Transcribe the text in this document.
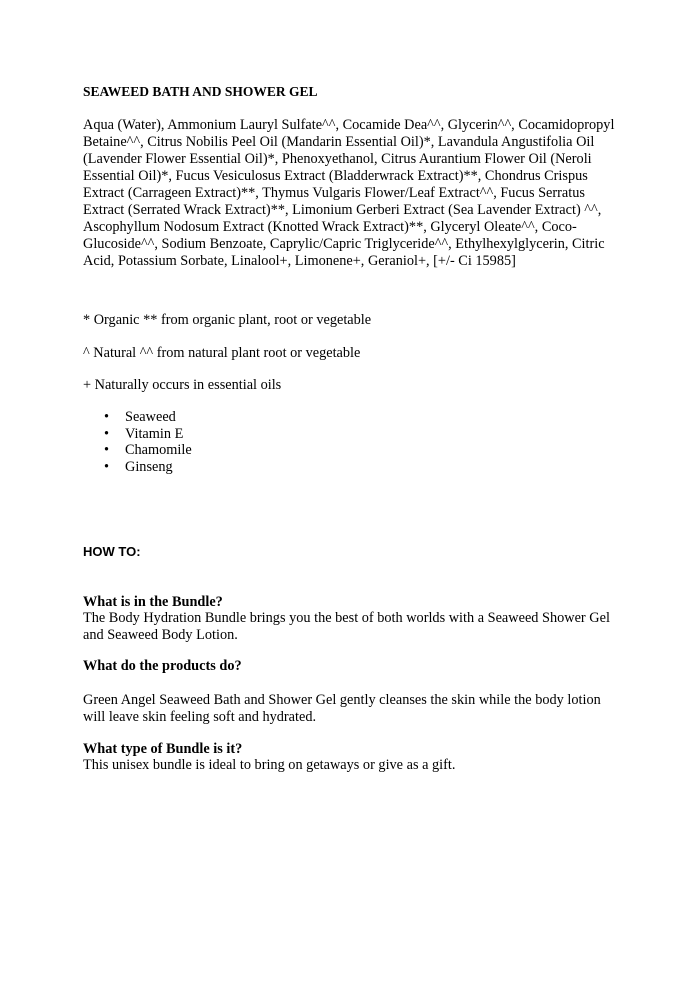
SEAWEED BATH AND SHOWER GEL

Aqua (Water), Ammonium Lauryl Sulfate^^, Cocamide Dea^^, Glycerin^^, Cocamidopropyl
Betaine^^, Citrus Nobilis Peel Oil (Mandarin Essential Oil)*, Lavandula Angustifolia Oil
(Lavender Flower Essential Oil)*, Phenoxyethanol, Citrus Aurantium Flower Oil (Neroli
Essential Oil)*, Fucus Vesiculosus Extract (Bladderwrack Extract)**, Chondrus Crispus
Extract (Carrageen Extract)**, Thymus Vulgaris Flower/Leaf Extract^^, Fucus Serratus
Extract (Serrated Wrack Extract)**, Limonium Gerberi Extract (Sea Lavender Extract) ^^,
Ascophyllum Nodosum Extract (Knotted Wrack Extract)**, Glyceryl Oleate^^, Coco-
Glucoside^^, Sodium Benzoate, Caprylic/Capric Triglyceride^^, Ethylhexylglycerin, Citric
Acid, Potassium Sorbate, Linalool+, Limonene+, Geraniol+, [+/- Ci 15985]

* Organic ** from organic plant, root or vegetable

^ Natural ^^ from natural plant root or vegetable

+ Naturally occurs in essential oils

• Seaweed
• Vitamin E
• Chamomile
• Ginseng
HOW TO:

What is in the Bundle?

The Body Hydration Bundle brings you the best of both worlds with a Seaweed Shower Gel
and Seaweed Body Lotion.

What do the products do?

Green Angel Seaweed Bath and Shower Gel gently cleanses the skin while the body lotion
will leave skin feeling soft and hydrated.

What type of Bundle is it?

This unisex bundle is ideal to bring on getaways or give as a gift.
